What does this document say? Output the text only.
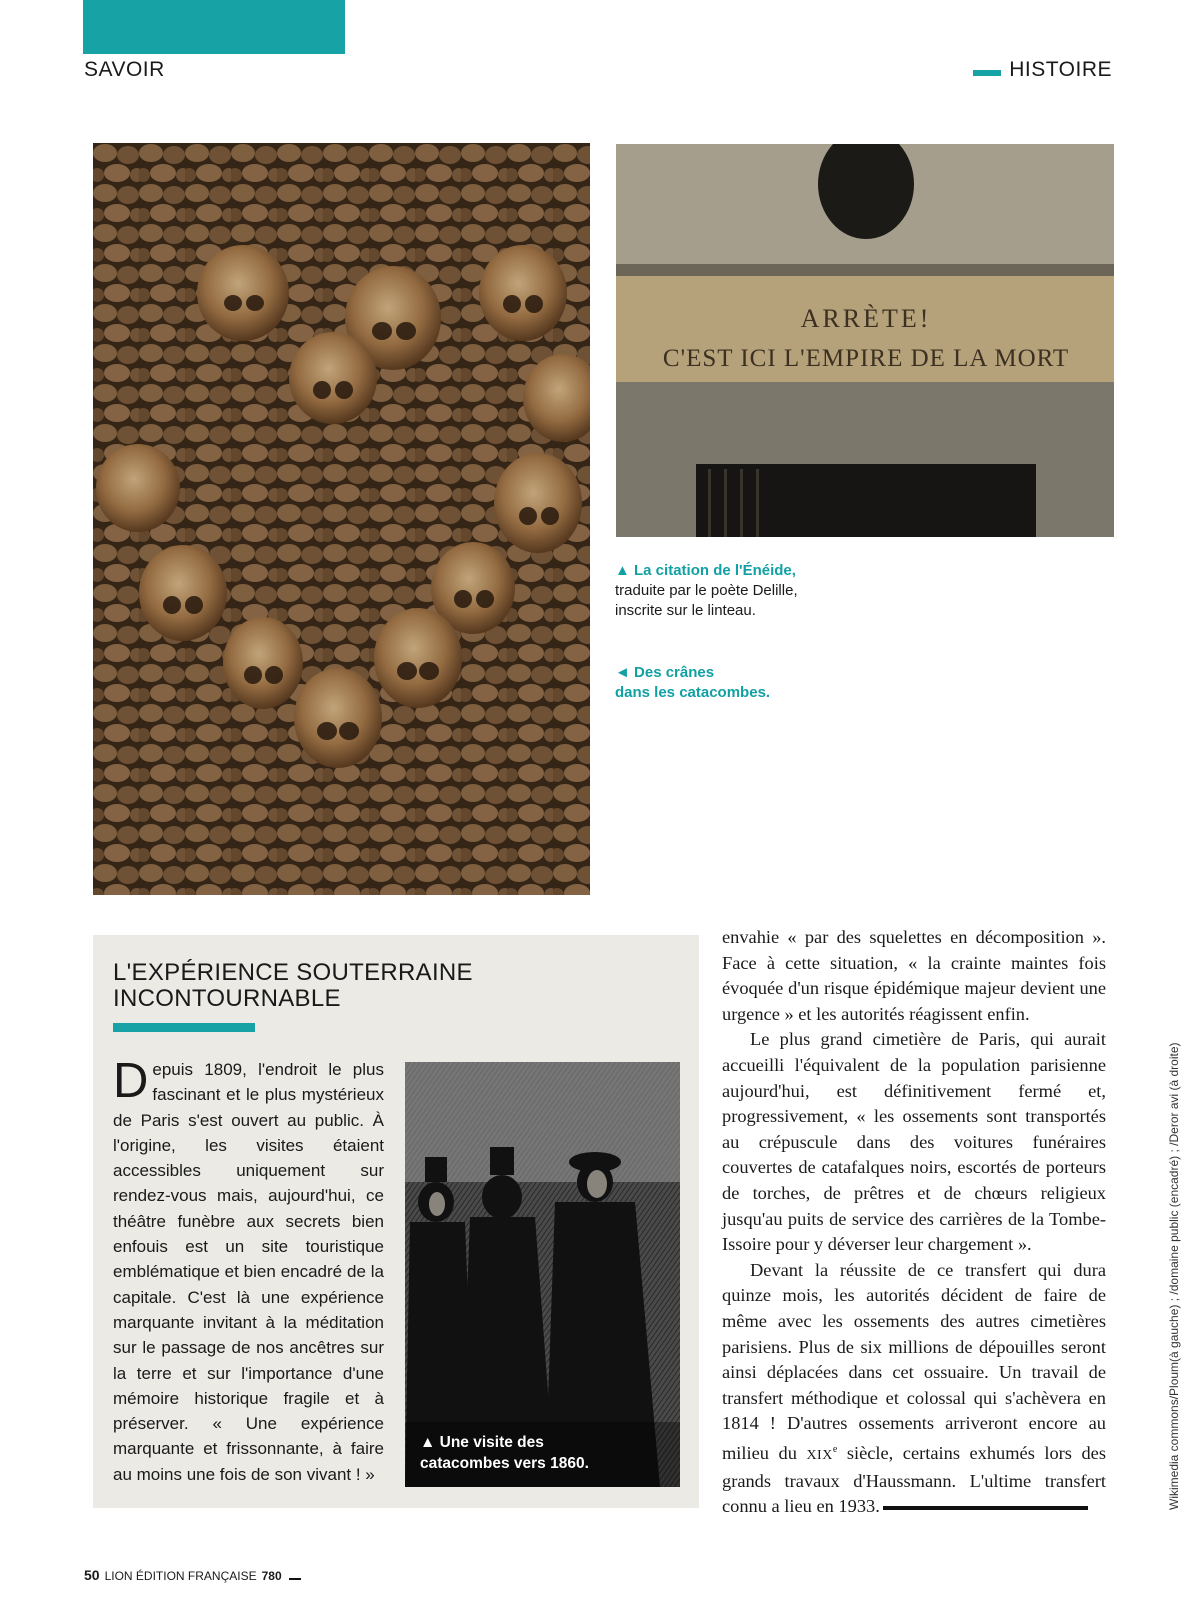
SAVOIR	HISTOIRE
ARRÈTE!
C'EST ICI L'EMPIRE DE LA MORT
▲ La citation de l'Énéide, traduite par le poète Delille, inscrite sur le linteau.
◄ Des crânes
dans les catacombes.
L'EXPÉRIENCE SOUTERRAINE
INCONTOURNABLE
Depuis 1809, l'endroit le plus fascinant et le plus mystérieux de Paris s'est ouvert au public. À l'origine, les visites étaient accessibles uniquement sur rendez-vous mais, aujourd'hui, ce théâtre funèbre aux secrets bien enfouis est un site touristique emblématique et bien encadré de la capitale. C'est là une expérience marquante invitant à la méditation sur le passage de nos ancêtres sur la terre et sur l'importance d'une mémoire historique fragile et à préserver. « Une expérience marquante et frissonnante, à faire au moins une fois de son vivant ! »
▲ Une visite des
catacombes vers 1860.

envahie « par des squelettes en décomposition ». Face à cette situation, « la crainte maintes fois évoquée d'un risque épidémique majeur devient une urgence » et les autorités réagissent enfin.

Le plus grand cimetière de Paris, qui aurait accueilli l'équivalent de la population parisienne aujourd'hui, est définitivement fermé et, progressivement, « les ossements sont transportés au crépuscule dans des voitures funéraires couvertes de catafalques noirs, escortés de porteurs de torches, de prêtres et de chœurs religieux jusqu'au puits de service des carrières de la Tombe-Issoire pour y déverser leur chargement ».

Devant la réussite de ce transfert qui dura quinze mois, les autorités décident de faire de même avec les ossements des autres cimetières parisiens. Plus de six millions de dépouilles seront ainsi déplacées dans cet ossuaire. Un travail de transfert méthodique et colossal qui s'achèvera en 1814 ! D'autres ossements arriveront encore au milieu du XIXe siècle, certains exhumés lors des grands travaux d'Haussmann. L'ultime transfert connu a lieu en 1933.	Wikimedia commons/Ploum(à gauche) ; /domaine public (encadré) ; /Deror avi (à droite)
50 LION ÉDITION FRANÇAISE 780
